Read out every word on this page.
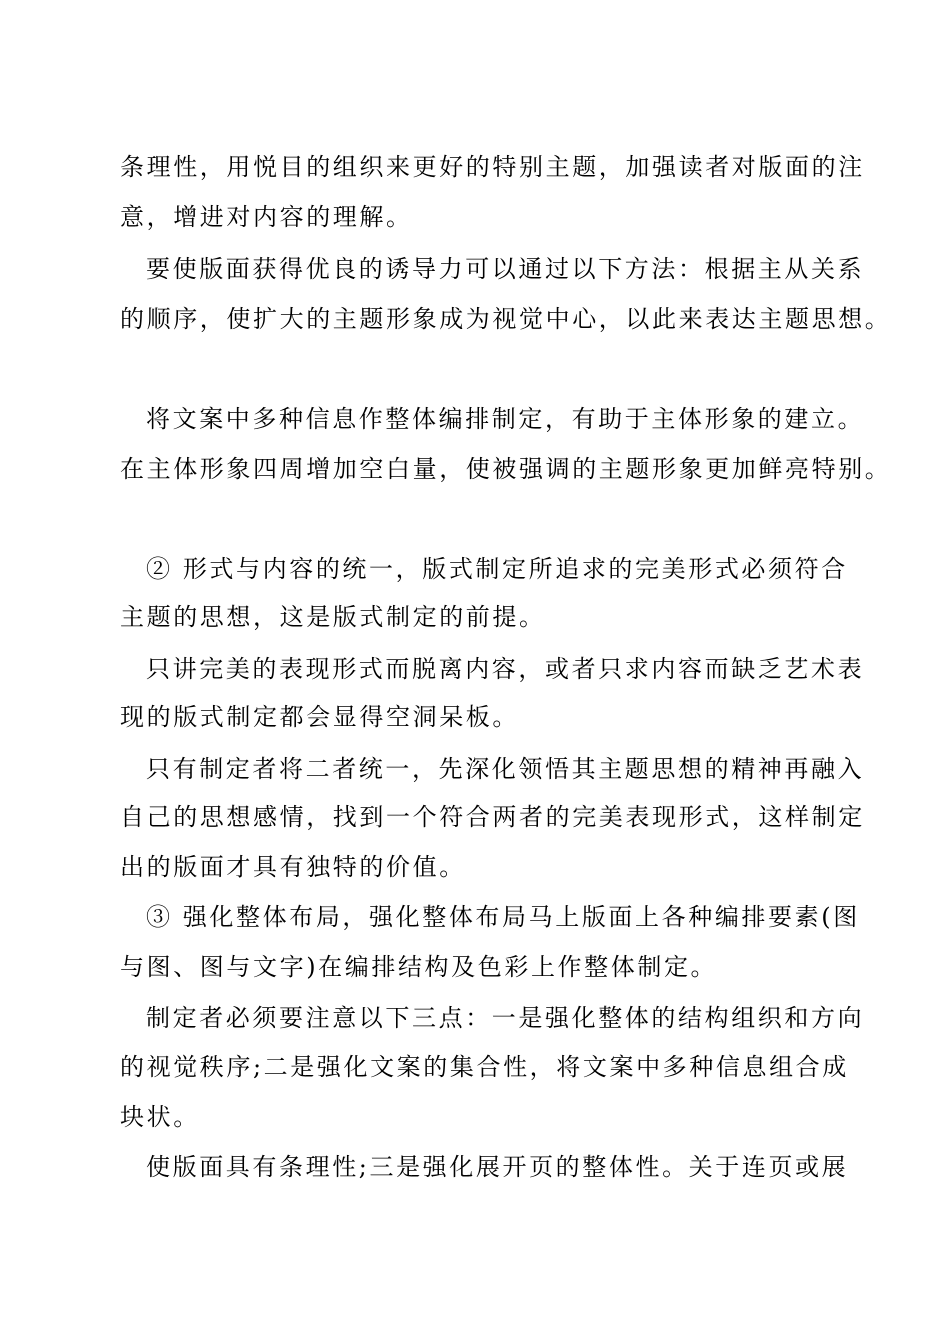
条理性，用悦目的组织来更好的特别主题，加强读者对版面的注
意，增进对内容的理解。
要使版面获得优良的诱导力可以通过以下方法：根据主从关系
的顺序，使扩大的主题形象成为视觉中心，以此来表达主题思想。
将文案中多种信息作整体编排制定，有助于主体形象的建立。
在主体形象四周增加空白量，使被强调的主题形象更加鲜亮特别。
② 形式与内容的统一，版式制定所追求的完美形式必须符合
主题的思想，这是版式制定的前提。
只讲完美的表现形式而脱离内容，或者只求内容而缺乏艺术表
现的版式制定都会显得空洞呆板。
只有制定者将二者统一，先深化领悟其主题思想的精神再融入
自己的思想感情，找到一个符合两者的完美表现形式，这样制定
出的版面才具有独特的价值。
③ 强化整体布局，强化整体布局马上版面上各种编排要素(图
与图、图与文字)在编排结构及色彩上作整体制定。
制定者必须要注意以下三点：一是强化整体的结构组织和方向
的视觉秩序;二是强化文案的集合性，将文案中多种信息组合成
块状。
使版面具有条理性;三是强化展开页的整体性。关于连页或展
